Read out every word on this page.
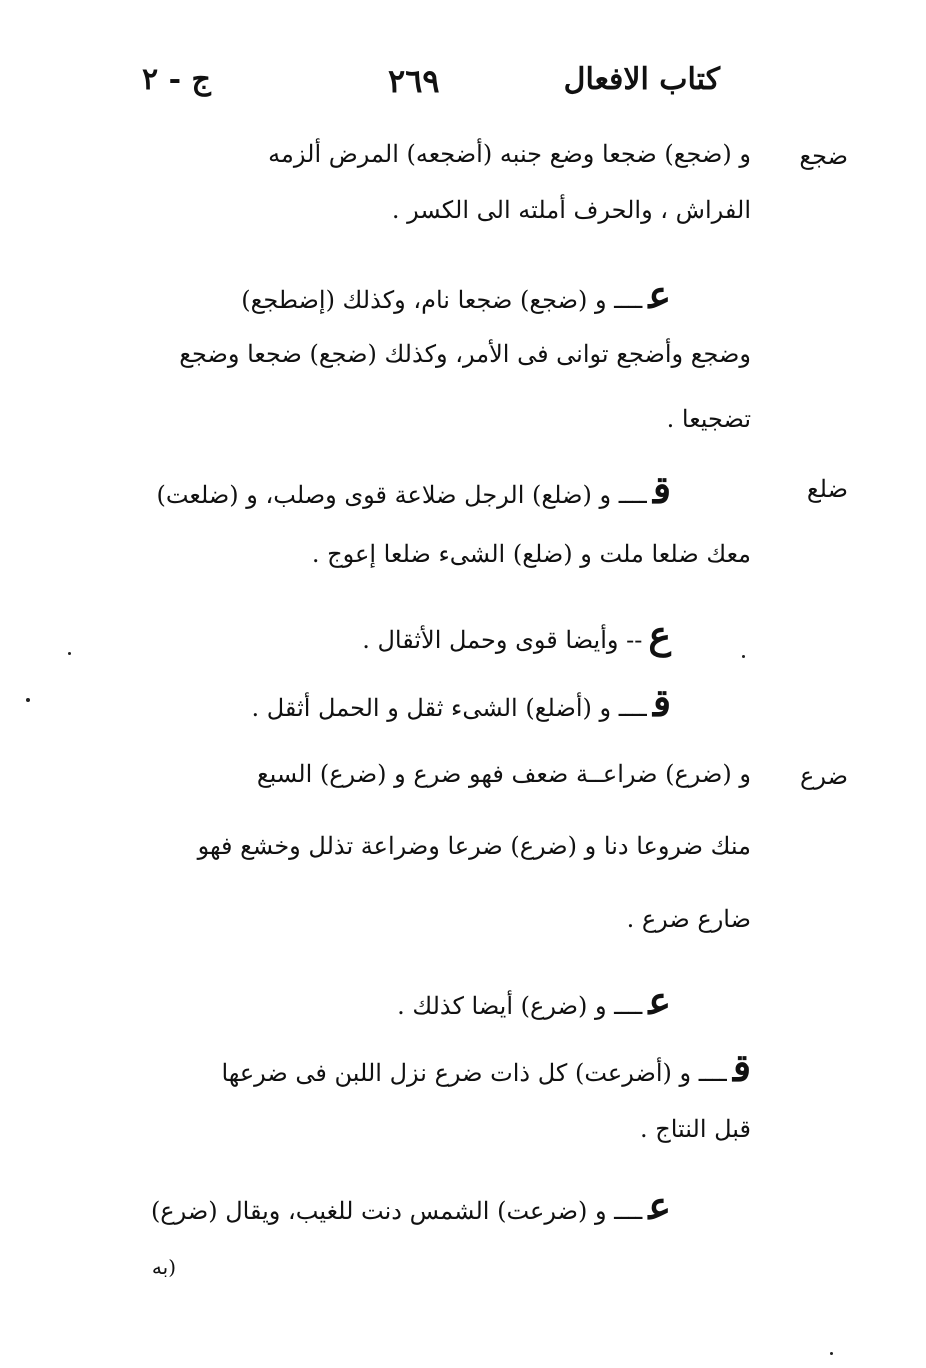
ج - ٢	٢٦٩	كتاب الافعال
ضجع
و (ضجع) ضجعا وضع جنبه (أضجعه) المرض ألزمه
الفراش ، والحرف أملته الى الكسر .
عــــ و (ضجع) ضجعا نام، وكذلك (إضطجع)
وضجع وأضجع توانى فى الأمر، وكذلك (ضجع) ضجعا وضجع
تضجيعا .
ضلع
قــــ و (ضلع) الرجل ضلاعة قوى وصلب، و (ضلعت)
معك ضلعا ملت و (ضلع) الشىء ضلعا إعوج .
ع-- وأيضا قوى وحمل الأثقال .
قــــ و (أضلع) الشىء ثقل و الحمل أثقل .
ضرع
و (ضرع) ضراعــة ضعف فهو ضرع و (ضرع) السبع
منك ضروعا دنا و (ضرع) ضرعا وضراعة تذلل وخشع فهو
ضارع ضرع .
عــــ و (ضرع) أيضا كذلك .
قــــ و (أضرعت) كل ذات ضرع نزل اللبن فى ضرعها
قبل النتاج .
عــــ و (ضرعت) الشمس دنت للغيب، ويقال (ضرع)
(به
